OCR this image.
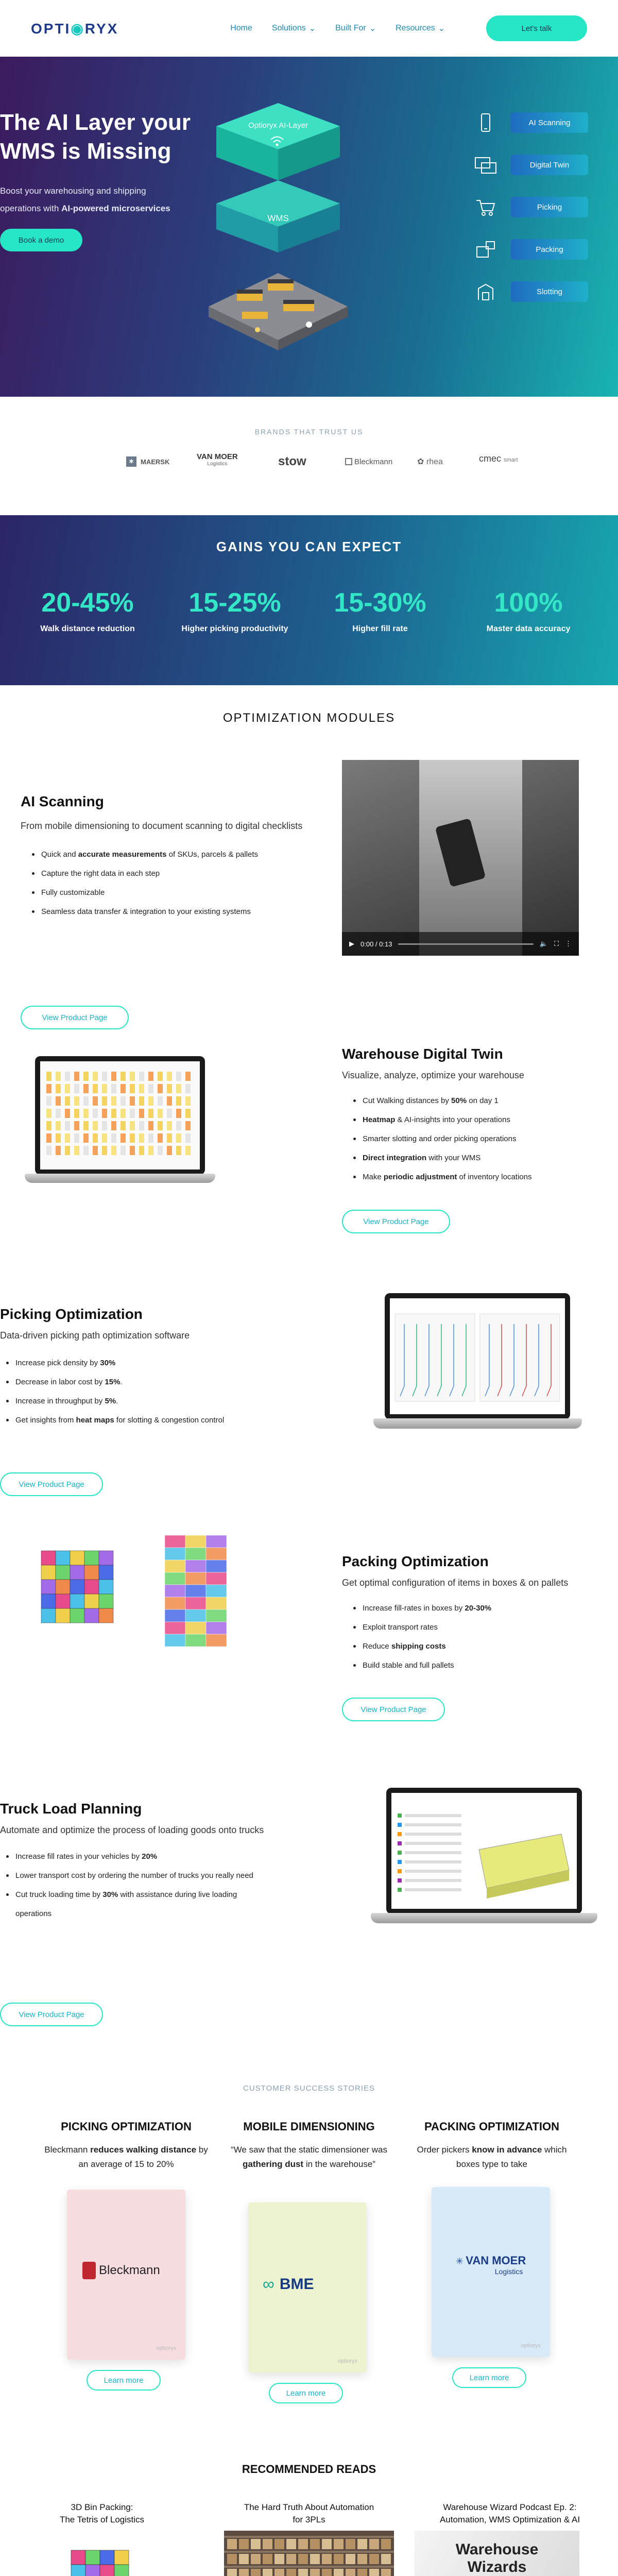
OPTI◉RYX	Home Solutions ⌄ Built For ⌄ Resources ⌄	Let's talk
The AI Layer your WMS is Missing

Boost your warehousing and shipping operations with AI-powered microservices

Book a demo
Optioryx AI-Layer
WMS
AI Scanning
Digital Twin
Picking
Packing
Slotting
BRANDS THAT TRUST US
✶ MAERSK
VAN MOER
Logistics	stow	Bleckmann	✿ rhea	cmec smart
GAINS YOU CAN EXPECT
20-45%
Walk distance reduction
15-25%
Higher picking productivity
15-30%
Higher fill rate
100%
Master data accuracy
OPTIMIZATION MODULES
AI Scanning
From mobile dimensioning to document scanning to digital checklists
Quick and accurate measurements of SKUs, parcels & pallets
Capture the right data in each step
Fully customizable
Seamless data transfer & integration to your existing systems
View Product Page
▶ 0:00 / 0:13	🔈 ⛶ ⋮
Warehouse Digital Twin
Visualize, analyze, optimize your warehouse
Cut Walking distances by 50% on day 1
Heatmap & AI-insights into your operations
Smarter slotting and order picking operations
Direct integration with your WMS
Make periodic adjustment of inventory locations
View Product Page
Picking Optimization
Data-driven picking path optimization software
Increase pick density by 30%
Decrease in labor cost by 15%.
Increase in throughput by 5%.
Get insights from heat maps for slotting & congestion control
View Product Page
Packing Optimization
Get optimal configuration of items in boxes & on pallets
Increase fill-rates in boxes by 20-30%
Exploit transport rates
Reduce shipping costs
Build stable and full pallets
View Product Page
Truck Load Planning
Automate and optimize the process of loading goods onto trucks
Increase fill rates in your vehicles by 20%
Lower transport cost by ordering the number of trucks you really need
Cut truck loading time by 30% with assistance during live loading operations
View Product Page
CUSTOMER SUCCESS STORIES
PICKING OPTIMIZATION
Bleckmann reduces walking distance by an average of 15 to 20%
Bleckmann
optioryx
Learn more
MOBILE DIMENSIONING
“We saw that the static dimensioner was gathering dust in the warehouse”
∞ BME
optioryx
Learn more
PACKING OPTIMIZATION
Order pickers know in advance which boxes type to take
✳ VAN MOER
Logistics
optioryx
Learn more
RECOMMENDED READS
3D Bin Packing:
The Tetris of Logistics
The Hard Truth About Automation
for 3PLs
Warehouse Wizard Podcast Ep. 2:
Automation, WMS Optimization & AI
Warehouse
Wizards
